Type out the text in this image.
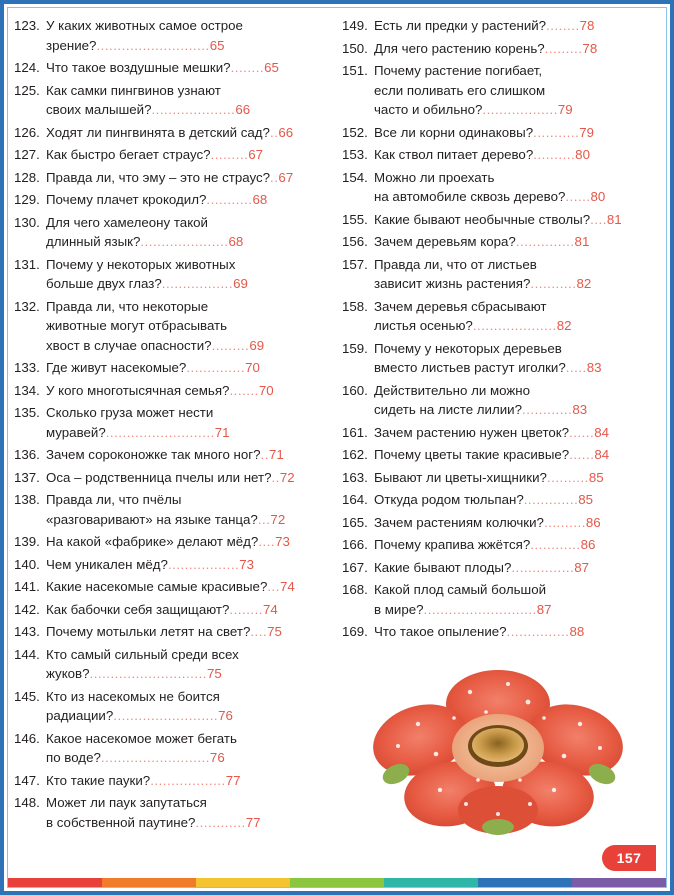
123. У каких животных самое острое
зрение?...........................65
124. Что такое воздушные мешки?........65
125. Как самки пингвинов узнают
своих малышей?....................66
126. Ходят ли пингвинята в детский сад?..66
127. Как быстро бегает страус?.........67
128. Правда ли, что эму – это не страус?..67
129. Почему плачет крокодил?...........68
130. Для чего хамелеону такой
длинный язык?.....................68
131. Почему у некоторых животных
больше двух глаз?.................69
132. Правда ли, что некоторые
животные могут отбрасывать
хвост в случае опасности?.........69
133. Где живут насекомые?..............70
134. У кого многотысячная семья?.......70
135. Сколько груза может нести
муравей?..........................71
136. Зачем сороконожке так много ног?..71
137. Оса – родственница пчелы или нет?..72
138. Правда ли, что пчёлы
«разговаривают» на языке танца?...72
139. На какой «фабрике» делают мёд?....73
140. Чем уникален мёд?.................73
141. Какие насекомые самые красивые?...74
142. Как бабочки себя защищают?........74
143. Почему мотыльки летят на свет?....75
144. Кто самый сильный среди всех
жуков?............................75
145. Кто из насекомых не боится
радиации?.........................76
146. Какое насекомое может бегать
по воде?..........................76
147. Кто такие пауки?..................77
148. Может ли паук запутаться
в собственной паутине?............77
149. Есть ли предки у растений?........78
150. Для чего растению корень?.........78
151. Почему растение погибает,
если поливать его слишком
часто и обильно?..................79
152. Все ли корни одинаковы?...........79
153. Как ствол питает дерево?..........80
154. Можно ли проехать
на автомобиле сквозь дерево?......80
155. Какие бывают необычные стволы?....81
156. Зачем деревьям кора?..............81
157. Правда ли, что от листьев
зависит жизнь растения?...........82
158. Зачем деревья сбрасывают
листья осенью?....................82
159. Почему у некоторых деревьев
вместо листьев растут иголки?.....83
160. Действительно ли можно
сидеть на листе лилии?............83
161. Зачем растению нужен цветок?......84
162. Почему цветы такие красивые?......84
163. Бывают ли цветы-хищники?..........85
164. Откуда родом тюльпан?.............85
165. Зачем растениям колючки?..........86
166. Почему крапива жжётся?............86
167. Какие бывают плоды?...............87
168. Какой плод самый большой
в мире?...........................87
169. Что такое опыление?...............88
157
